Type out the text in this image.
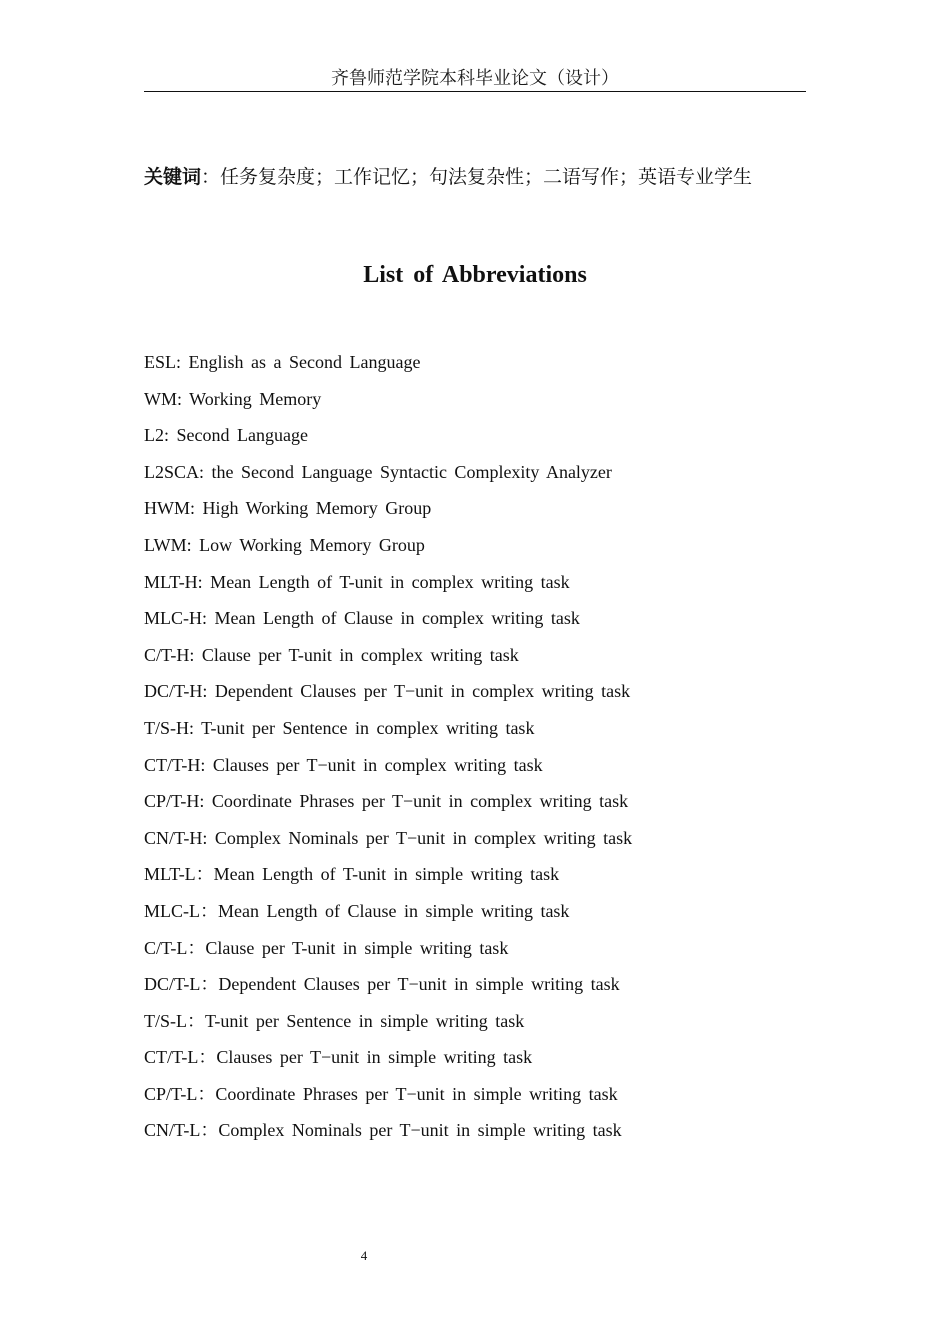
齐鲁师范学院本科毕业论文（设计）
关键词：任务复杂度；工作记忆；句法复杂性；二语写作；英语专业学生
List of Abbreviations
ESL: English as a Second Language
WM: Working Memory
L2: Second Language
L2SCA: the Second Language Syntactic Complexity Analyzer
HWM: High Working Memory Group
LWM: Low Working Memory Group
MLT-H: Mean Length of T-unit in complex writing task
MLC-H: Mean Length of Clause in complex writing task
C/T-H: Clause per T-unit in complex writing task
DC/T-H: Dependent Clauses per T−unit in complex writing task
T/S-H: T-unit per Sentence in complex writing task
CT/T-H: Clauses per T−unit in complex writing task
CP/T-H: Coordinate Phrases per T−unit in complex writing task
CN/T-H: Complex Nominals per T−unit in complex writing task
MLT-L：Mean Length of T-unit in simple writing task
MLC-L：Mean Length of Clause in simple writing task
C/T-L：Clause per T-unit in simple writing task
DC/T-L：Dependent Clauses per T−unit in simple writing task
T/S-L：T-unit per Sentence in simple writing task
CT/T-L：Clauses per T−unit in simple writing task
CP/T-L：Coordinate Phrases per T−unit in simple writing task
CN/T-L：Complex Nominals per T−unit in simple writing task
4
